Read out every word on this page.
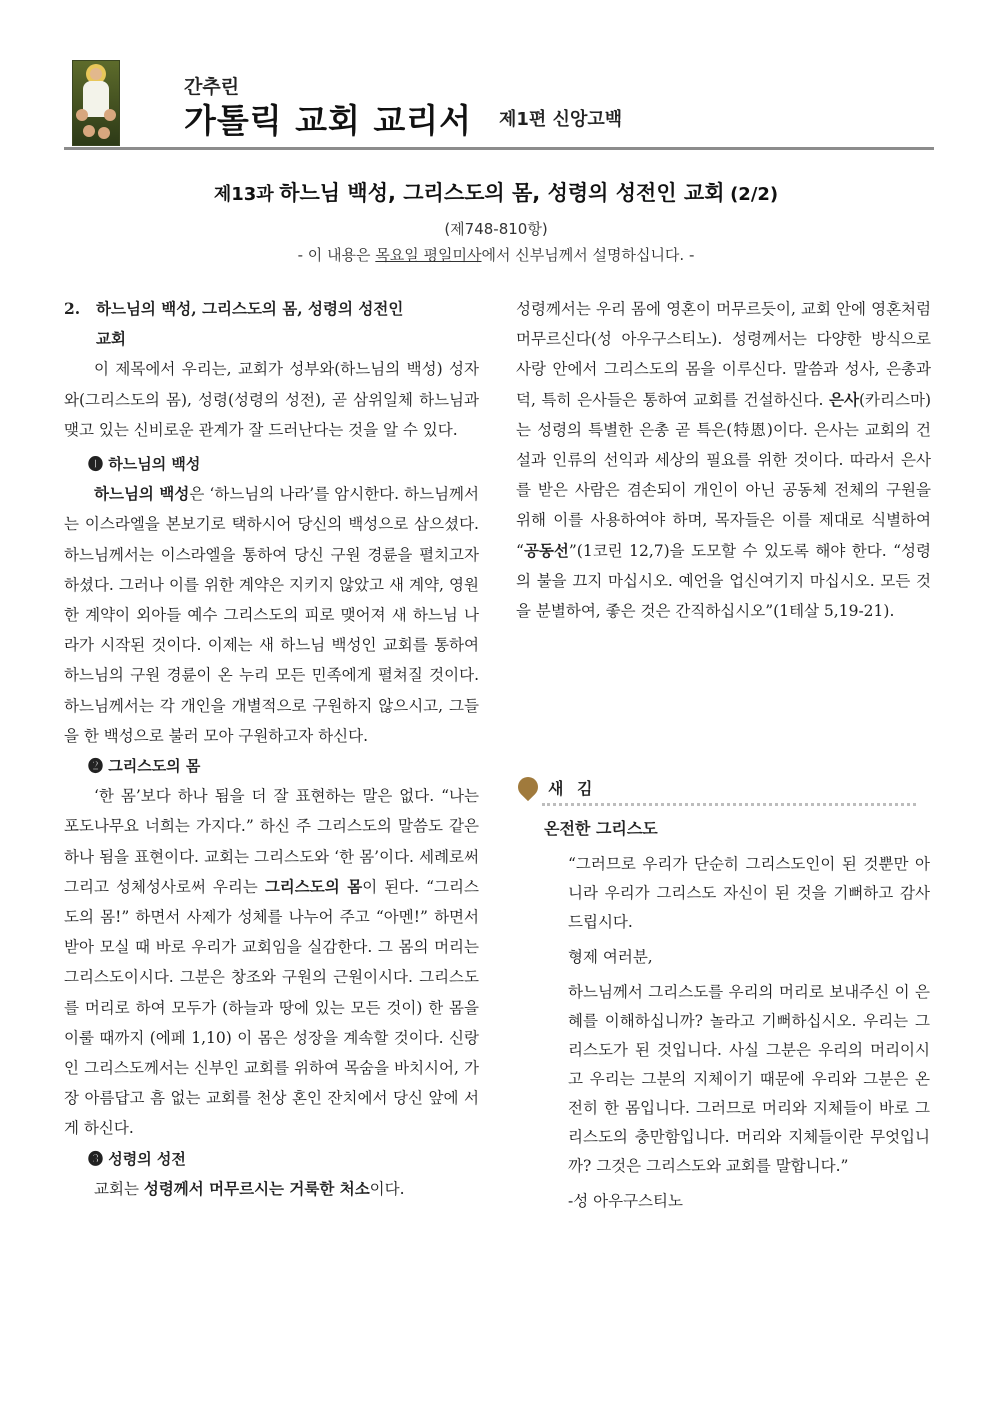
간추린
가톨릭 교회 교리서 제1편 신앙고백
제13과 하느님 백성, 그리스도의 몸, 성령의 성전인 교회 (2/2)
(제748-810항)
- 이 내용은 목요일 평일미사에서 신부님께서 설명하십니다. -
2. 하느님의 백성, 그리스도의 몸, 성령의 성전인
교회
이 제목에서 우리는, 교회가 성부와(하느님의 백성) 성자와(그리스도의 몸), 성령(성령의 성전), 곧 삼위일체 하느님과 맺고 있는 신비로운 관계가 잘 드러난다는 것을 알 수 있다.
❶ 하느님의 백성
하느님의 백성은 ‘하느님의 나라’를 암시한다. 하느님께서는 이스라엘을 본보기로 택하시어 당신의 백성으로 삼으셨다. 하느님께서는 이스라엘을 통하여 당신 구원 경륜을 펼치고자 하셨다. 그러나 이를 위한 계약은 지키지 않았고 새 계약, 영원한 계약이 외아들 예수 그리스도의 피로 맺어져 새 하느님 나라가 시작된 것이다. 이제는 새 하느님 백성인 교회를 통하여 하느님의 구원 경륜이 온 누리 모든 민족에게 펼쳐질 것이다. 하느님께서는 각 개인을 개별적으로 구원하지 않으시고, 그들을 한 백성으로 불러 모아 구원하고자 하신다.
❷ 그리스도의 몸
‘한 몸’보다 하나 됨을 더 잘 표현하는 말은 없다. “나는 포도나무요 너희는 가지다.” 하신 주 그리스도의 말씀도 같은 하나 됨을 표현이다. 교회는 그리스도와 ‘한 몸’이다. 세례로써 그리고 성체성사로써 우리는 그리스도의 몸이 된다. “그리스도의 몸!” 하면서 사제가 성체를 나누어 주고 “아멘!” 하면서 받아 모실 때 바로 우리가 교회임을 실감한다. 그 몸의 머리는 그리스도이시다. 그분은 창조와 구원의 근원이시다. 그리스도를 머리로 하여 모두가 (하늘과 땅에 있는 모든 것이) 한 몸을 이룰 때까지 (에페 1,10) 이 몸은 성장을 계속할 것이다. 신랑인 그리스도께서는 신부인 교회를 위하여 목숨을 바치시어, 가장 아름답고 흠 없는 교회를 천상 혼인 잔치에서 당신 앞에 서게 하신다.
❸ 성령의 성전
교회는 성령께서 머무르시는 거룩한 처소이다.
성령께서는 우리 몸에 영혼이 머무르듯이, 교회 안에 영혼처럼 머무르신다(성 아우구스티노). 성령께서는 다양한 방식으로 사랑 안에서 그리스도의 몸을 이루신다. 말씀과 성사, 은총과 덕, 특히 은사들은 통하여 교회를 건설하신다. 은사(카리스마)는 성령의 특별한 은총 곧 특은(特恩)이다. 은사는 교회의 건설과 인류의 선익과 세상의 필요를 위한 것이다. 따라서 은사를 받은 사람은 겸손되이 개인이 아닌 공동체 전체의 구원을 위해 이를 사용하여야 하며, 목자들은 이를 제대로 식별하여 “공동선”(1코린 12,7)을 도모할 수 있도록 해야 한다. “성령의 불을 끄지 마십시오. 예언을 업신여기지 마십시오. 모든 것을 분별하여, 좋은 것은 간직하십시오”(1테살 5,19-21).
새 김
온전한 그리스도

“그러므로 우리가 단순히 그리스도인이 된 것뿐만 아니라 우리가 그리스도 자신이 된 것을 기뻐하고 감사드립시다.

형제 여러분,

하느님께서 그리스도를 우리의 머리로 보내주신 이 은혜를 이해하십니까? 놀라고 기뻐하십시오. 우리는 그리스도가 된 것입니다. 사실 그분은 우리의 머리이시고 우리는 그분의 지체이기 때문에 우리와 그분은 온전히 한 몸입니다. 그러므로 머리와 지체들이 바로 그리스도의 충만함입니다. 머리와 지체들이란 무엇입니까? 그것은 그리스도와 교회를 말합니다.”

-성 아우구스티노
